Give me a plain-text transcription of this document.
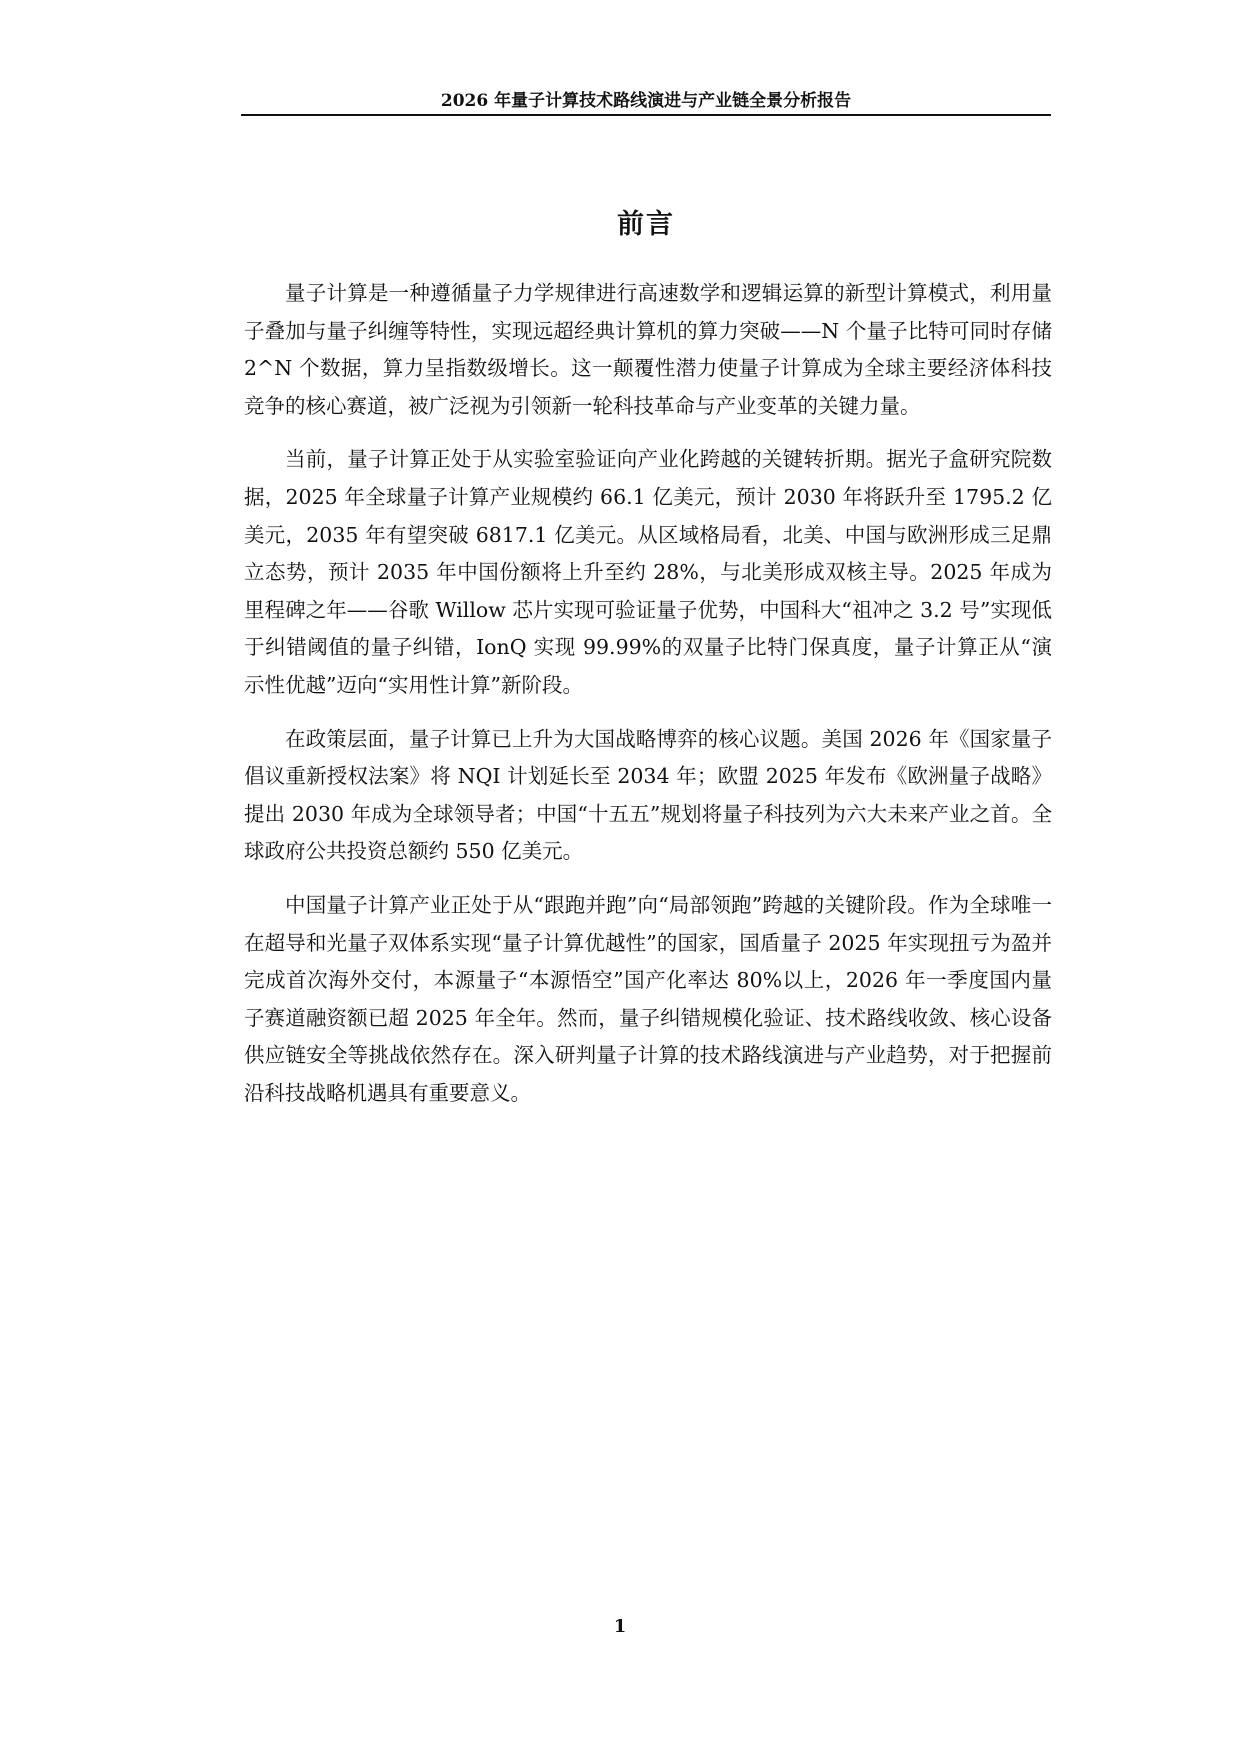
2026 年量子计算技术路线演进与产业链全景分析报告
前言

量子计算是一种遵循量子力学规律进行高速数学和逻辑运算的新型计算模式，利用量子叠加与量子纠缠等特性，实现远超经典计算机的算力突破——N 个量子比特可同时存储 2^N 个数据，算力呈指数级增长。这一颠覆性潜力使量子计算成为全球主要经济体科技竞争的核心赛道，被广泛视为引领新一轮科技革命与产业变革的关键力量。

当前，量子计算正处于从实验室验证向产业化跨越的关键转折期。据光子盒研究院数据，2025 年全球量子计算产业规模约 66.1 亿美元，预计 2030 年将跃升至 1795.2 亿美元，2035 年有望突破 6817.1 亿美元。从区域格局看，北美、中国与欧洲形成三足鼎立态势，预计 2035 年中国份额将上升至约 28%，与北美形成双核主导。2025 年成为里程碑之年——谷歌 Willow 芯片实现可验证量子优势，中国科大“祖冲之 3.2 号”实现低于纠错阈值的量子纠错，IonQ 实现 99.99%的双量子比特门保真度，量子计算正从“演示性优越”迈向“实用性计算”新阶段。

在政策层面，量子计算已上升为大国战略博弈的核心议题。美国 2026 年《国家量子倡议重新授权法案》将 NQI 计划延长至 2034 年；欧盟 2025 年发布《欧洲量子战略》提出 2030 年成为全球领导者；中国“十五五”规划将量子科技列为六大未来产业之首。全球政府公共投资总额约 550 亿美元。

中国量子计算产业正处于从“跟跑并跑”向“局部领跑”跨越的关键阶段。作为全球唯一在超导和光量子双体系实现“量子计算优越性”的国家，国盾量子 2025 年实现扭亏为盈并完成首次海外交付，本源量子“本源悟空”国产化率达 80%以上，2026 年一季度国内量子赛道融资额已超 2025 年全年。然而，量子纠错规模化验证、技术路线收敛、核心设备供应链安全等挑战依然存在。深入研判量子计算的技术路线演进与产业趋势，对于把握前沿科技战略机遇具有重要意义。

1
